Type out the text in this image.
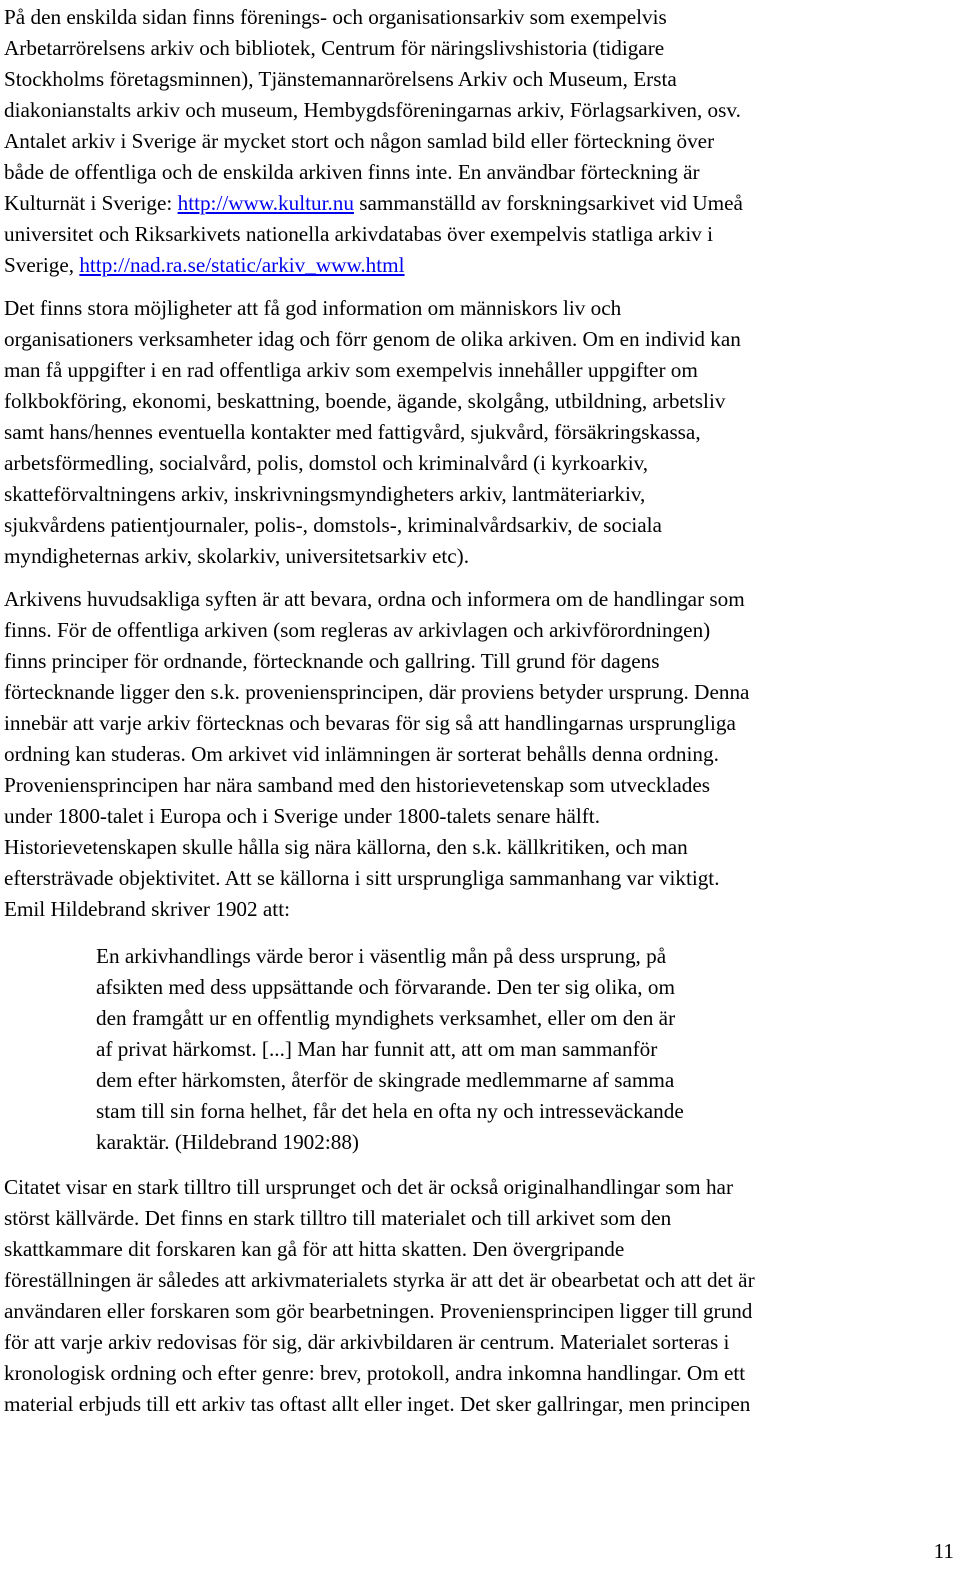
På den enskilda sidan finns förenings- och organisationsarkiv som exempelvis
Arbetarrörelsens arkiv och bibliotek, Centrum för näringslivshistoria (tidigare
Stockholms företagsminnen), Tjänstemannarörelsens Arkiv och Museum, Ersta
diakonianstalts arkiv och museum, Hembygdsföreningarnas arkiv, Förlagsarkiven, osv.
Antalet arkiv i Sverige är mycket stort och någon samlad bild eller förteckning över
både de offentliga och de enskilda arkiven finns inte. En användbar förteckning är
Kulturnät i Sverige: http://www.kultur.nu sammanställd av forskningsarkivet vid Umeå
universitet och Riksarkivets nationella arkivdatabas över exempelvis statliga arkiv i
Sverige, http://nad.ra.se/static/arkiv_www.html

Det finns stora möjligheter att få god information om människors liv och
organisationers verksamheter idag och förr genom de olika arkiven. Om en individ kan
man få uppgifter i en rad offentliga arkiv som exempelvis innehåller uppgifter om
folkbokföring, ekonomi, beskattning, boende, ägande, skolgång, utbildning, arbetsliv
samt hans/hennes eventuella kontakter med fattigvård, sjukvård, försäkringskassa,
arbetsförmedling, socialvård, polis, domstol och kriminalvård (i kyrkoarkiv,
skatteförvaltningens arkiv, inskrivningsmyndigheters arkiv, lantmäteriarkiv,
sjukvårdens patientjournaler, polis-, domstols-, kriminalvårdsarkiv, de sociala
myndigheternas arkiv, skolarkiv, universitetsarkiv etc).

Arkivens huvudsakliga syften är att bevara, ordna och informera om de handlingar som
finns. För de offentliga arkiven (som regleras av arkivlagen och arkivförordningen)
finns principer för ordnande, förtecknande och gallring. Till grund för dagens
förtecknande ligger den s.k. proveniensprincipen, där proviens betyder ursprung. Denna
innebär att varje arkiv förtecknas och bevaras för sig så att handlingarnas ursprungliga
ordning kan studeras. Om arkivet vid inlämningen är sorterat behålls denna ordning.
Proveniensprincipen har nära samband med den historievetenskap som utvecklades
under 1800-talet i Europa och i Sverige under 1800-talets senare hälft.
Historievetenskapen skulle hålla sig nära källorna, den s.k. källkritiken, och man
eftersträvade objektivitet. Att se källorna i sitt ursprungliga sammanhang var viktigt.
Emil Hildebrand skriver 1902 att:

En arkivhandlings värde beror i väsentlig mån på dess ursprung, på
afsikten med dess uppsättande och förvarande. Den ter sig olika, om
den framgått ur en offentlig myndighets verksamhet, eller om den är
af privat härkomst. [...] Man har funnit att, att om man sammanför
dem efter härkomsten, återför de skingrade medlemmarne af samma
stam till sin forna helhet, får det hela en ofta ny och intresseväckande
karaktär. (Hildebrand 1902:88)

Citatet visar en stark tilltro till ursprunget och det är också originalhandlingar som har
störst källvärde. Det finns en stark tilltro till materialet och till arkivet som den
skattkammare dit forskaren kan gå för att hitta skatten. Den övergripande
föreställningen är således att arkivmaterialets styrka är att det är obearbetat och att det är
användaren eller forskaren som gör bearbetningen. Proveniensprincipen ligger till grund
för att varje arkiv redovisas för sig, där arkivbildaren är centrum. Materialet sorteras i
kronologisk ordning och efter genre: brev, protokoll, andra inkomna handlingar. Om ett
material erbjuds till ett arkiv tas oftast allt eller inget. Det sker gallringar, men principen

11
